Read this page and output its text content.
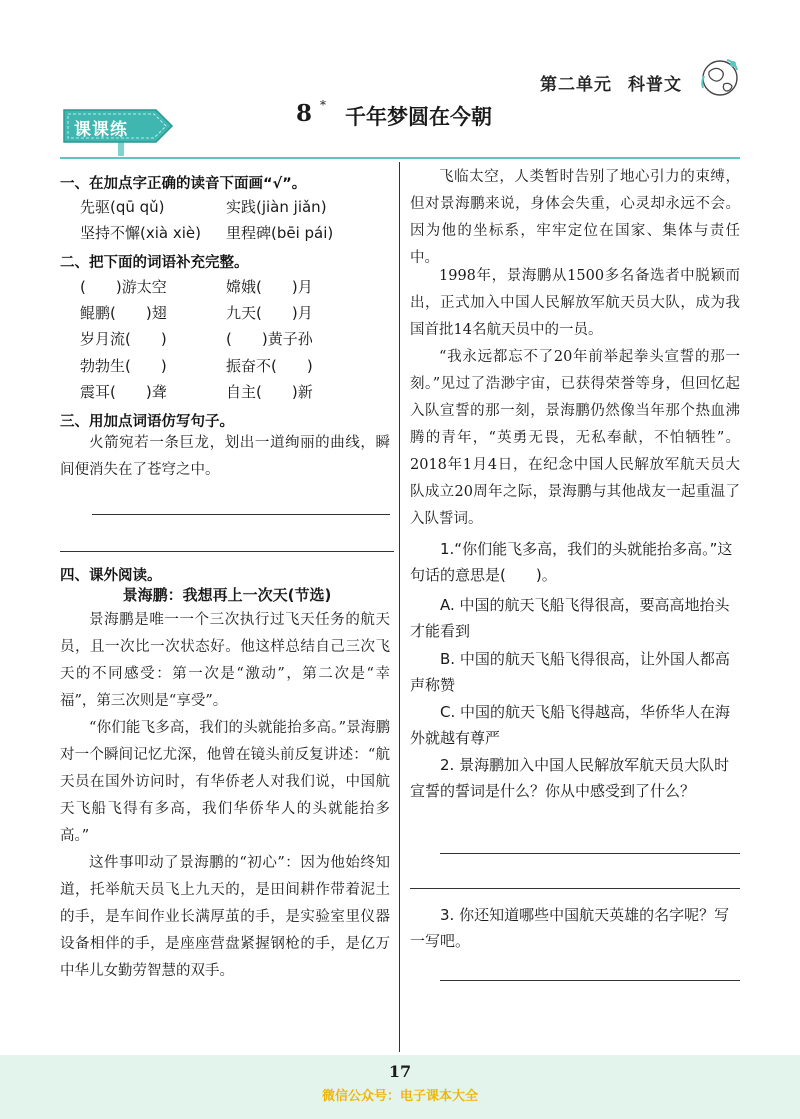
第二单元 科普文
课课练
8 * 千年梦圆在今朝
一、在加点字正确的读音下面画“√”。
先驱(qū qǔ)	实践(jiàn jiǎn)
坚持不懈(xià xiè) 里程碑(bēi pái)
二、把下面的词语补充完整。
(　　)游太空	嫦娥(　　)月
鲲鹏(　　)翅	九天(　　)月
岁月流(　　)	(　　)黄子孙
勃勃生(　　)	振奋不(　　)
震耳(　　)聋	自主(　　)新
三、用加点词语仿写句子。
火箭宛若一条巨龙，划出一道绚丽的曲线，瞬间便消失在了苍穹之中。
四、课外阅读。
景海鹏：我想再上一次天(节选)
景海鹏是唯一一个三次执行过飞天任务的航天员，且一次比一次状态好。他这样总结自己三次飞天的不同感受：第一次是“激动”，第二次是“幸福”，第三次则是“享受”。
“你们能飞多高，我们的头就能抬多高。”景海鹏对一个瞬间记忆尤深，他曾在镜头前反复讲述：“航天员在国外访问时，有华侨老人对我们说，中国航天飞船飞得有多高，我们华侨华人的头就能抬多高。”
这件事叩动了景海鹏的“初心”：因为他始终知道，托举航天员飞上九天的，是田间耕作带着泥土的手，是车间作业长满厚茧的手，是实验室里仪器设备相伴的手，是座座营盘紧握钢枪的手，是亿万中华儿女勤劳智慧的双手。
飞临太空，人类暂时告别了地心引力的束缚，但对景海鹏来说，身体会失重，心灵却永远不会。因为他的坐标系，牢牢定位在国家、集体与责任中。
1998年，景海鹏从1500多名备选者中脱颖而出，正式加入中国人民解放军航天员大队，成为我国首批14名航天员中的一员。
“我永远都忘不了20年前举起拳头宣誓的那一刻。”见过了浩渺宇宙，已获得荣誉等身，但回忆起入队宣誓的那一刻，景海鹏仍然像当年那个热血沸腾的青年，“英勇无畏，无私奉献，不怕牺牲”。2018年1月4日，在纪念中国人民解放军航天员大队成立20周年之际，景海鹏与其他战友一起重温了入队誓词。
1.“你们能飞多高，我们的头就能抬多高。”这句话的意思是(　　)。
A. 中国的航天飞船飞得很高，要高高地抬头才能看到
B. 中国的航天飞船飞得很高，让外国人都高声称赞
C. 中国的航天飞船飞得越高，华侨华人在海外就越有尊严
2. 景海鹏加入中国人民解放军航天员大队时宣誓的誓词是什么？你从中感受到了什么？
3. 你还知道哪些中国航天英雄的名字呢？写一写吧。
17
微信公众号：电子课本大全
